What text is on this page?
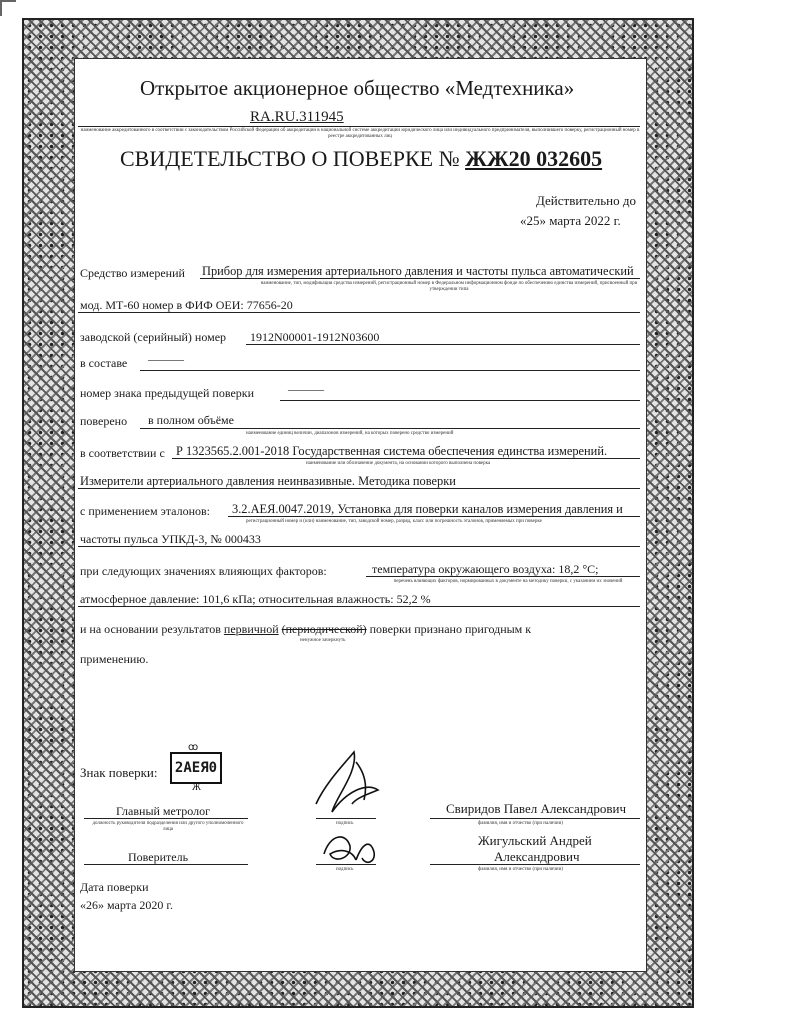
Открытое акционерное общество «Медтехника»
RA.RU.311945
наименование аккредитованного в соответствии с законодательством Российской Федерации об аккредитации в национальной системе аккредитации юридического лица или индивидуального предпринимателя, выполнившего поверку, регистрационный номер в реестре аккредитованных лиц
СВИДЕТЕЛЬСТВО О ПОВЕРКЕ № ЖЖ20 032605
Действительно до
«25» марта 2022 г.
Средство измерений Прибор для измерения артериального давления и частоты пульса автоматический
наименование, тип, модификация средства измерений, регистрационный номер в Федеральном информационном фонде по обеспечению единства измерений, присвоенный при утверждении типа
мод. МТ-60 номер в ФИФ ОЕИ: 77656-20
заводской (серийный) номер 1912N00001-1912N03600
в составе ———
номер знака предыдущей поверки	———
поверено в полном объёме
наименование единиц величин, диапазонов измерений, на которых поверено средство измерений
в соответствии с Р 1323565.2.001-2018 Государственная система обеспечения единства измерений.
наименование или обозначение документа, на основании которого выполнена поверка
Измерители артериального давления неинвазивные. Методика поверки
с применением эталонов: 3.2.АЕЯ.0047.2019, Установка для поверки каналов измерения давления и
регистрационный номер и (или) наименование, тип, заводской номер, разряд, класс или погрешность эталонов, применяемых при поверке
частоты пульса УПКД-3, № 000433
при следующих значениях влияющих факторов:	температура окружающего воздуха: 18,2 °С;
перечень влияющих факторов, нормированных в документе на методику поверки, с указанием их значений
атмосферное давление: 101,6 кПа; относительная влажность: 52,2 %
и на основании результатов первичной (периодической) поверки признано пригодным к
ненужное зачеркнуть
применению.
Знак поверки:
ꝏ
2АЕЯ0
Ж
Главный метролог
должность руководителя подразделения или другого уполномоченного лица
подпись
Свиридов Павел Александрович
фамилия, имя и отчество (при наличии)
Поверитель
подпись
Жигульский Андрей
Александрович
фамилия, имя и отчество (при наличии)
Дата поверки
«26» марта 2020 г.
